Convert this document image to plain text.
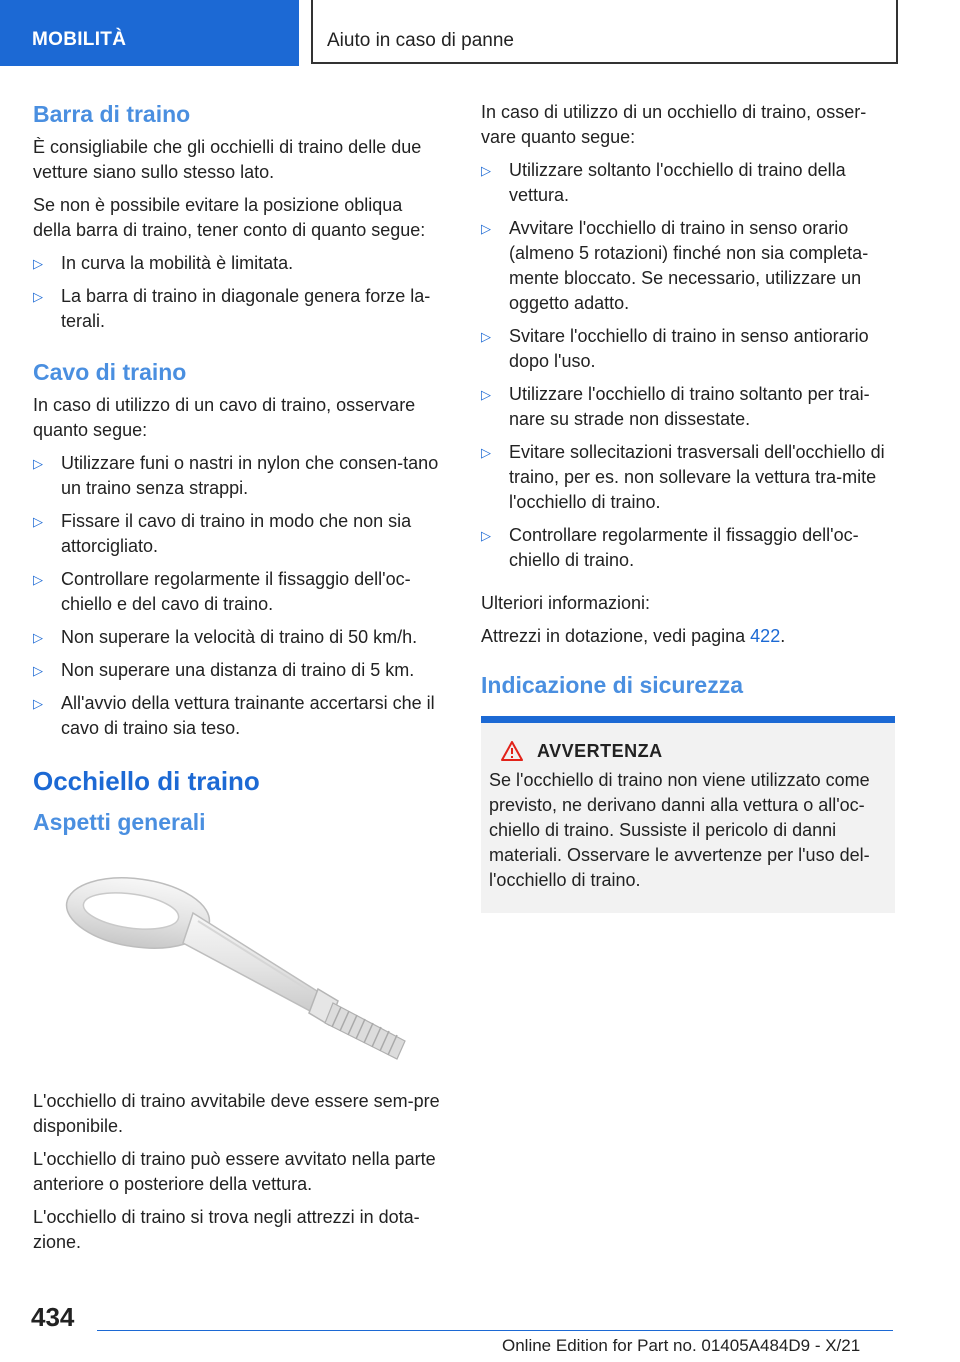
MOBILITÀ	Aiuto in caso di panne
Barra di traino

È consigliabile che gli occhielli di traino delle due vetture siano sullo stesso lato.

Se non è possibile evitare la posizione obliqua della barra di traino, tener conto di quanto segue:

▷ In curva la mobilità è limitata.
▷ La barra di traino in diagonale genera forze la-terali.
Cavo di traino

In caso di utilizzo di un cavo di traino, osservare quanto segue:

▷ Utilizzare funi o nastri in nylon che consen-tano un traino senza strappi.
▷ Fissare il cavo di traino in modo che non sia attorcigliato.
▷ Controllare regolarmente il fissaggio dell'oc-chiello e del cavo di traino.
▷ Non superare la velocità di traino di 50 km/h.
▷ Non superare una distanza di traino di 5 km.
▷ All'avvio della vettura trainante accertarsi che il cavo di traino sia teso.
Occhiello di traino
Aspetti generali

L'occhiello di traino avvitabile deve essere sem-pre disponibile.

L'occhiello di traino può essere avvitato nella parte anteriore o posteriore della vettura.

L'occhiello di traino si trova negli attrezzi in dota-zione.

In caso di utilizzo di un occhiello di traino, osser-vare quanto segue:

▷ Utilizzare soltanto l'occhiello di traino della vettura.
▷ Avvitare l'occhiello di traino in senso orario (almeno 5 rotazioni) finché non sia completa-mente bloccato. Se necessario, utilizzare un oggetto adatto.
▷ Svitare l'occhiello di traino in senso antiorario dopo l'uso.
▷ Utilizzare l'occhiello di traino soltanto per trai-nare su strade non dissestate.
▷ Evitare sollecitazioni trasversali dell'occhiello di traino, per es. non sollevare la vettura tra-mite l'occhiello di traino.
▷ Controllare regolarmente il fissaggio dell'oc-chiello di traino.

Ulteriori informazioni:

Attrezzi in dotazione, vedi pagina 422.

Indicazione di sicurezza
AVVERTENZA

Se l'occhiello di traino non viene utilizzato come previsto, ne derivano danni alla vettura o all'oc-chiello di traino. Sussiste il pericolo di danni materiali. Osservare le avvertenze per l'uso del-l'occhiello di traino.

434
Online Edition for Part no. 01405A484D9 - X/21
